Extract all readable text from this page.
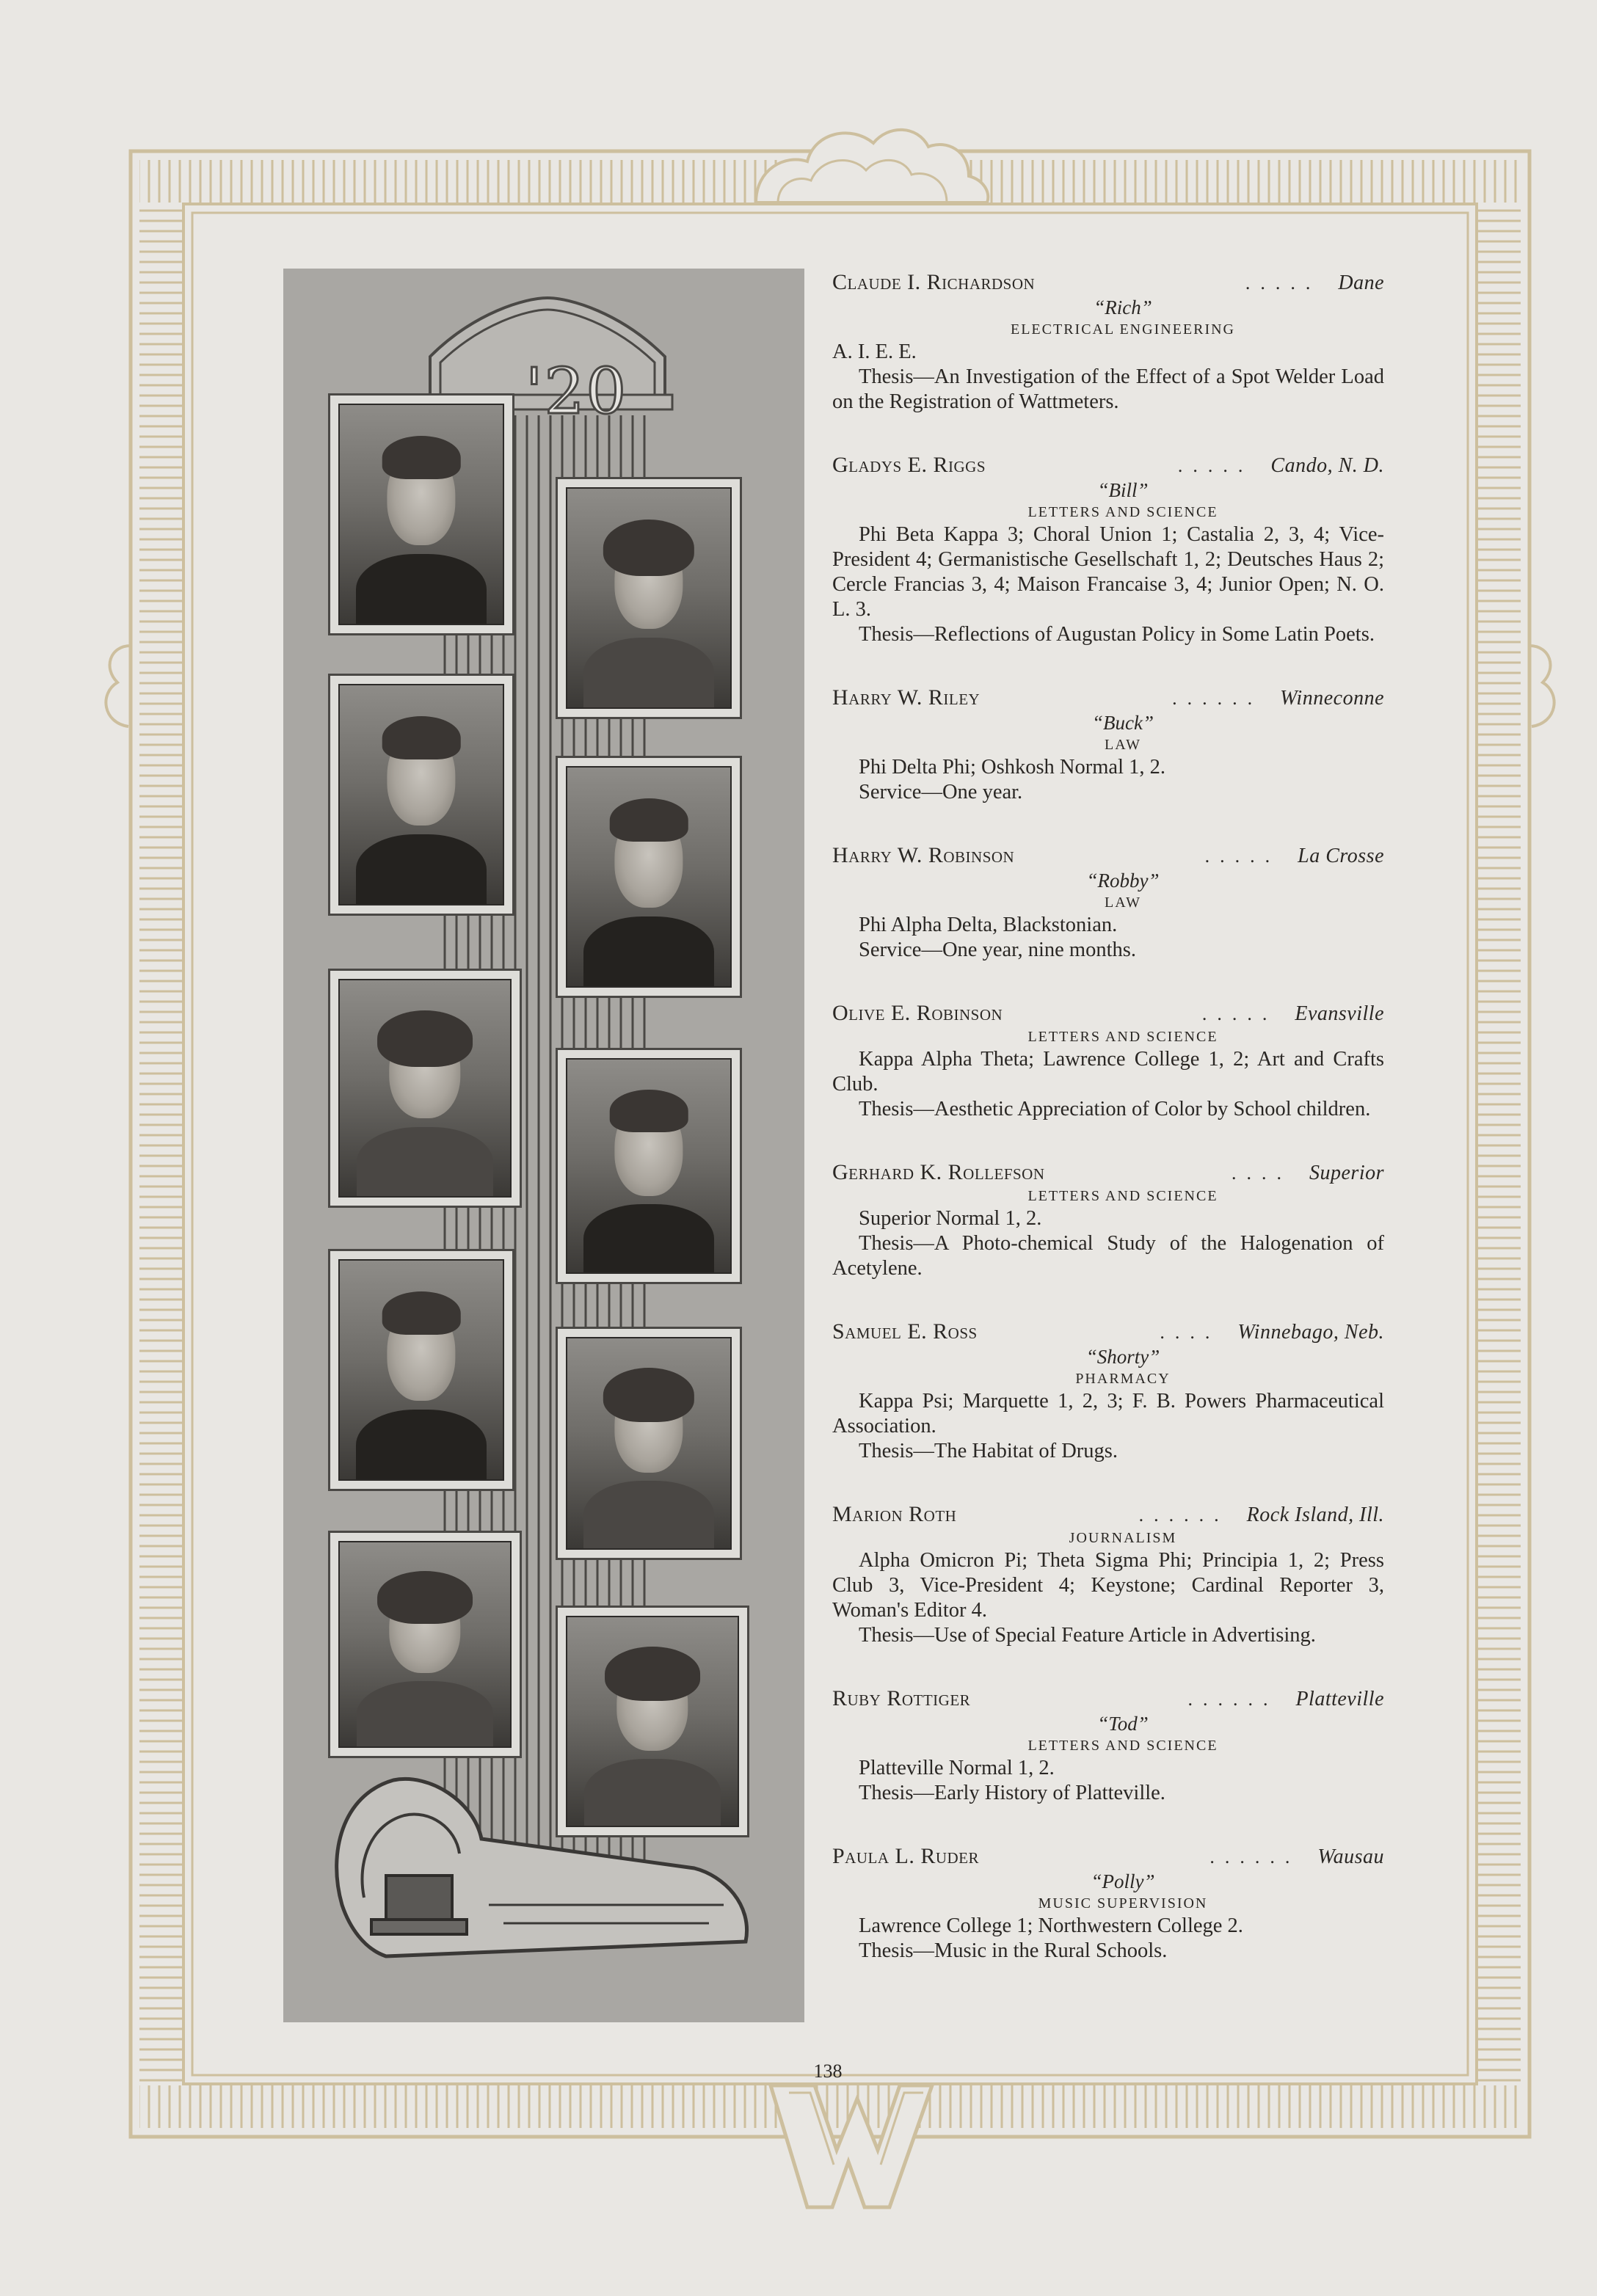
'20
Claude I. Richardson	..... Dane
“Rich”
ELECTRICAL ENGINEERING
A. I. E. E.
Thesis—An Investigation of the Effect of a Spot Welder Load on the Registration of Wattmeters.
Gladys E. Riggs	..... Cando, N. D.
“Bill”
LETTERS AND SCIENCE
Phi Beta Kappa 3; Choral Union 1; Castalia 2, 3, 4; Vice-President 4; Germanistische Gesellschaft 1, 2; Deutsches Haus 2; Cercle Francias 3, 4; Maison Francaise 3, 4; Junior Open; N. O. L. 3.
Thesis—Reflections of Augustan Policy in Some Latin Poets.
Harry W. Riley	...... Winneconne
“Buck”
LAW
Phi Delta Phi; Oshkosh Normal 1, 2.
Service—One year.
Harry W. Robinson	..... La Crosse
“Robby”
LAW
Phi Alpha Delta, Blackstonian.
Service—One year, nine months.
Olive E. Robinson	..... Evansville
LETTERS AND SCIENCE
Kappa Alpha Theta; Lawrence College 1, 2; Art and Crafts Club.
Thesis—Aesthetic Appreciation of Color by School children.
Gerhard K. Rollefson	.... Superior
LETTERS AND SCIENCE
Superior Normal 1, 2.
Thesis—A Photo-chemical Study of the Halogenation of Acetylene.
Samuel E. Ross	.... Winnebago, Neb.
“Shorty”
PHARMACY
Kappa Psi; Marquette 1, 2, 3; F. B. Powers Pharmaceutical Association.
Thesis—The Habitat of Drugs.
Marion Roth	...... Rock Island, Ill.
JOURNALISM
Alpha Omicron Pi; Theta Sigma Phi; Principia 1, 2; Press Club 3, Vice-President 4; Keystone; Cardinal Reporter 3, Woman's Editor 4.
Thesis—Use of Special Feature Article in Advertising.
Ruby Rottiger	...... Platteville
“Tod”
LETTERS AND SCIENCE
Platteville Normal 1, 2.
Thesis—Early History of Platteville.
Paula L. Ruder	...... Wausau
“Polly”
MUSIC SUPERVISION
Lawrence College 1; Northwestern College 2.
Thesis—Music in the Rural Schools.
138
